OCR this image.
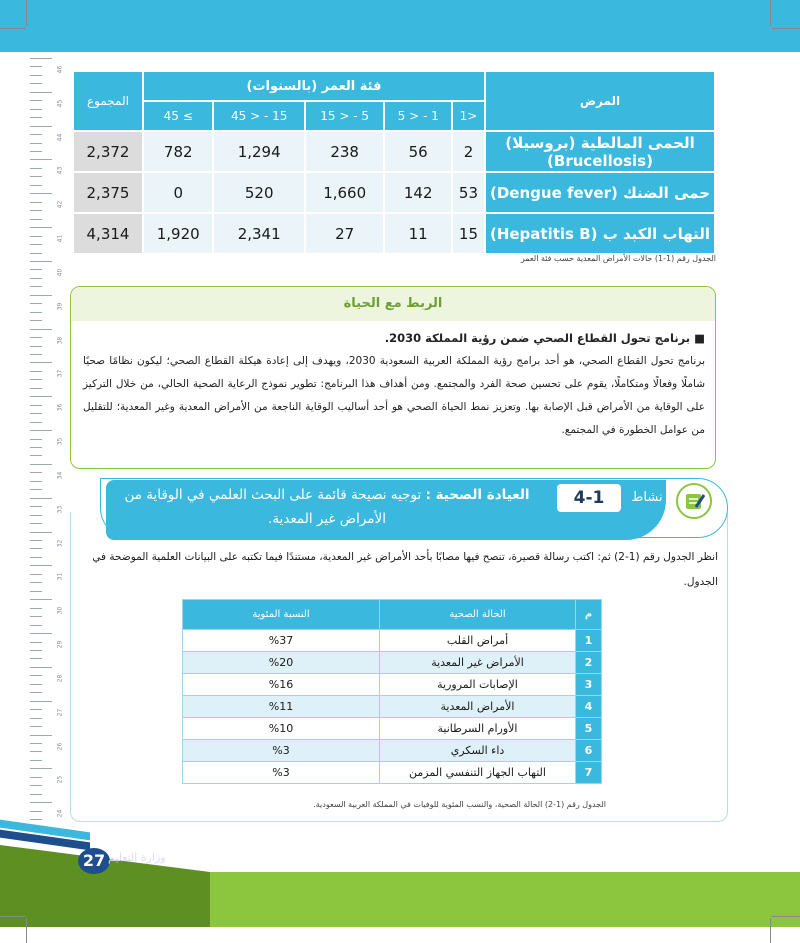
46
45
44
43
42
41
40
39
38
37
36
35
34
33
32
31
30
29
28
27
26
25
24
المرض	فئة العمر (بالسنوات)					المجموع
	<1	1 - < 5	5 - < 15	15 - < 45	≥ 45	
الحمى المالطية (بروسيلا) (Brucellosis)	2	56	238	1,294	782	2,372
حمى الضنك (Dengue fever)	53	142	1,660	520	0	2,375
التهاب الكبد ب (Hepatitis B)	15	11	27	2,341	1,920	4,314
الجدول رقم (1-1) حالات الأمراض المعدية حسب فئة العمر
الربط مع الحياة
■ برنامج تحول القطاع الصحي ضمن رؤية المملكة 2030.
برنامج تحول القطاع الصحي، هو أحد برامج رؤية المملكة العربية السعودية 2030، ويهدف إلى إعادة هيكلة القطاع الصحي؛ ليكون نظامًا صحيًا شاملًا وفعالًا ومتكاملًا، يقوم على تحسين صحة الفرد والمجتمع. ومن أهداف هذا البرنامج: تطوير نموذج الرعاية الصحية الحالي، من خلال التركيز على الوقاية من الأمراض قبل الإصابة بها. وتعزيز نمط الحياة الصحي هو أحد أساليب الوقاية الناجعة من الأمراض المعدية وغير المعدية؛ للتقليل من عوامل الخطورة في المجتمع.
العيادة الصحية : توجيه نصيحة قائمة على البحث العلمي في الوقاية من الأمراض غير المعدية.
4-1	نشاط
انظر الجدول رقم (1-2) ثم: اكتب رسالة قصيرة، تنصح فيها مصابًا بأحد الأمراض غير المعدية، مستندًا فيما تكتبه على البيانات العلمية الموضحة في الجدول.
م	الحالة الصحية	النسبة المئوية
1	أمراض القلب	%37
2	الأمراض غير المعدية	%20
3	الإصابات المرورية	%16
4	الأمراض المعدية	%11
5	الأورام السرطانية	%10
6	داء السكري	%3
7	التهاب الجهاز التنفسي المزمن	%3
الجدول رقم (1-2) الحالة الصحية، والنسب المئوية للوفيات في المملكة العربية السعودية.
27 وزارة التعليم
